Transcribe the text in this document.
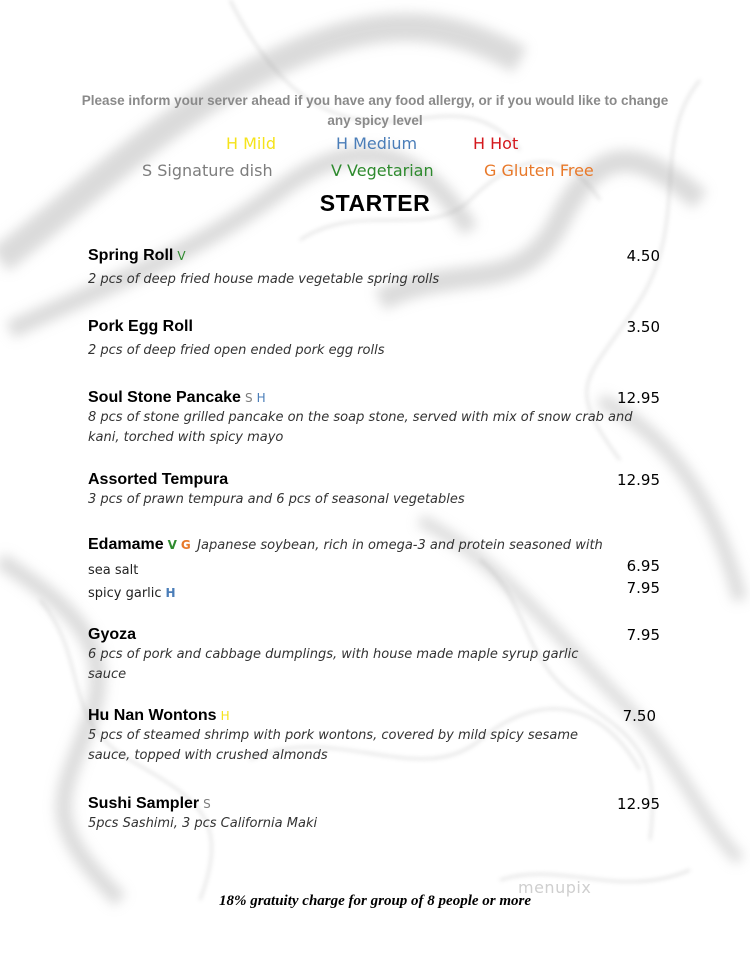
Please inform your server ahead if you have any food allergy, or if you would like to change any spicy level
H Mild	H Medium	H Hot
S Signature dish	V Vegetarian	G Gluten Free
STARTER
Spring Roll V
2 pcs of deep fried house made vegetable spring rolls
4.50
Pork Egg Roll
2 pcs of deep fried open ended pork egg rolls
3.50
Soul Stone Pancake S H
8 pcs of stone grilled pancake on the soap stone, served with mix of snow crab and kani, torched with spicy mayo
12.95
Assorted Tempura
3 pcs of prawn tempura and 6 pcs of seasonal vegetables
12.95
Edamame V G Japanese soybean, rich in omega-3 and protein seasoned with
sea salt	6.95
spicy garlic H	7.95
Gyoza
6 pcs of pork and cabbage dumplings, with house made maple syrup garlic sauce
7.95
Hu Nan Wontons H
5 pcs of steamed shrimp with pork wontons, covered by mild spicy sesame sauce, topped with crushed almonds
7.50
Sushi Sampler S
5pcs Sashimi, 3 pcs California Maki
12.95
menupix
18% gratuity charge for group of 8 people or more
